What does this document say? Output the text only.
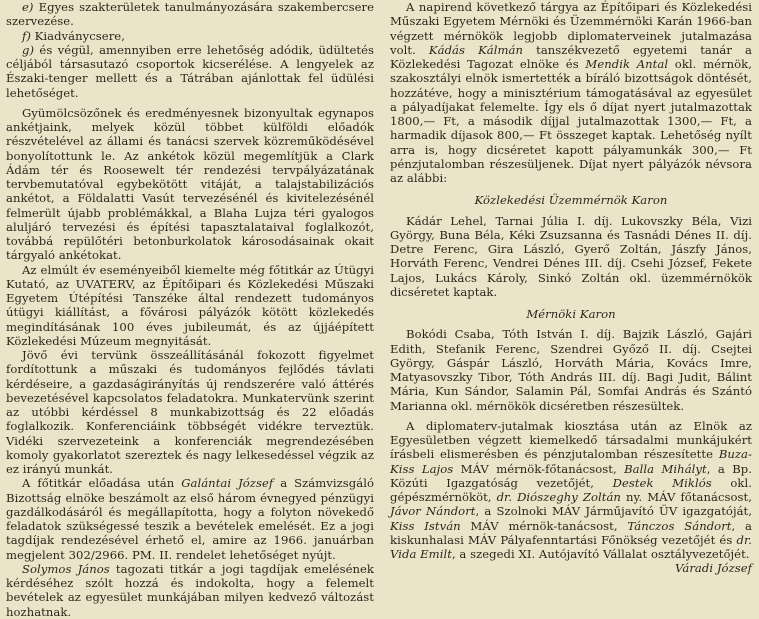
e) Egyes szakterületek tanulmányozására szakembercsere szervezése.

f) Kiadványcsere,

g) és végül, amennyiben erre lehetőség adódik, üdültetés céljából társasutazó csoportok kicserélése. A lengyelek az Északi-tenger mellett és a Tátrában ajánlottak fel üdülési lehetőséget.

Gyümölcsözőnek és eredményesnek bizonyultak egynapos ankétjaink, melyek közül többet külföldi előadók részvételével az állami és tanácsi szervek közreműködésével bonyolítottunk le. Az ankétok közül megemlítjük a Clark Ádám tér és Roosewelt tér rendezési tervpályázatának tervbemutatóval egybekötött vitáját, a talajstabilizációs ankétot, a Földalatti Vasút tervezésénél és kivitelezésénél felmerült újabb problémákkal, a Blaha Lujza téri gyalogos aluljáró tervezési és építési tapasztalataival foglalkozót, továbbá repülőtéri betonburkolatok károsodásainak okait tárgyaló ankétokat.

Az elmúlt év eseményeiből kiemelte még főtitkár az Útügyi Kutató, az UVATERV, az Építőipari és Közlekedési Műszaki Egyetem Útépítési Tanszéke által rendezett tudományos útügyi kiállítást, a fővárosi pályázók kötött közlekedés megindításának 100 éves jubileumát, és az újjáépített Közlekedési Múzeum megnyitását.

Jövő évi tervünk összeállításánál fokozott figyelmet fordítottunk a műszaki és tudományos fejlődés távlati kérdéseire, a gazdaságirányítás új rendszerére való áttérés bevezetésével kapcsolatos feladatokra. Munkatervünk szerint az utóbbi kérdéssel 8 munkabizottság és 22 előadás foglalkozik. Konferenciáink többségét vidékre terveztük. Vidéki szervezeteink a konferenciák megrendezésében komoly gyakorlatot szereztek és nagy lelkesedéssel végzik az ez irányú munkát.

A főtitkár előadása után Galántai József a Számvizsgáló Bizottság elnöke beszámolt az első három évnegyed pénzügyi gazdálkodásáról és megállapította, hogy a folyton növekedő feladatok szükségessé teszik a bevételek emelését. Ez a jogi tagdíjak rendezésével érhető el, amire az 1966. januárban megjelent 302/2966. PM. II. rendelet lehetőséget nyújt.

Solymos János tagozati titkár a jogi tagdíjak emelésének kérdéséhez szólt hozzá és indokolta, hogy a felemelt bevételek az egyesület munkájában milyen kedvező változást hozhatnak.

A napirend következő tárgya az Építőipari és Közlekedési Műszaki Egyetem Mérnöki és Üzemmérnöki Karán 1966-ban végzett mérnökök legjobb diplomaterveinek jutalmazása volt. Kádás Kálmán tanszékvezető egyetemi tanár a Közlekedési Tagozat elnöke és Mendik Antal okl. mérnök, szakosztályi elnök ismertették a bíráló bizottságok döntését, hozzátéve, hogy a minisztérium támogatásával az egyesület a pályadíjakat felemelte. Így els ő díjat nyert jutalmazottak 1800,— Ft, a második díjjal jutalmazottak 1300,— Ft, a harmadik díjasok 800,— Ft összeget kaptak. Lehetőség nyílt arra is, hogy dicséretet kapott pályamunkák 300,— Ft pénzjutalomban részesüljenek. Díjat nyert pályázók névsora az alábbi:

Közlekedési Üzemmérnök Karon

Kádár Lehel, Tarnai Júlia I. díj. Lukovszky Béla, Vizi György, Buna Béla, Kéki Zsuzsanna és Tasnádi Dénes II. díj. Detre Ferenc, Gira László, Gyerő Zoltán, Jászfy János, Horváth Ferenc, Vendrei Dénes III. díj. Csehi József, Fekete Lajos, Lukács Károly, Sinkó Zoltán okl. üzemmérnökök dicséretet kaptak.

Mérnöki Karon

Bokódi Csaba, Tóth István I. díj. Bajzik László, Gajári Edith, Stefanik Ferenc, Szendrei Győző II. díj. Csejtei György, Gáspár László, Horváth Mária, Kovács Imre, Matyasovszky Tibor, Tóth András III. díj. Bagi Judit, Bálint Mária, Kun Sándor, Salamin Pál, Somfai András és Szántó Marianna okl. mérnökök dicséretben részesültek.

A diplomaterv-jutalmak kiosztása után az Elnök az Egyesületben végzett kiemelkedő társadalmi munkájukért írásbeli elismerésben és pénzjutalomban részesítette Buza-Kiss Lajos MÁV mérnök-főtanácsost, Balla Mihályt, a Bp. Közúti Igazgatóság vezetőjét, Destek Miklós okl. gépészmérnököt, dr. Diószeghy Zoltán ny. MÁV főtanácsost, Jávor Nándort, a Szolnoki MÁV Járműjavító ÜV igazgatóját, Kiss István MÁV mérnök-tanácsost, Tánczos Sándort, a kiskunhalasi MÁV Pályafenntartási Főnökség vezetőjét és dr. Vida Emilt, a szegedi XI. Autójavító Vállalat osztályvezetőjét.

Váradi József
